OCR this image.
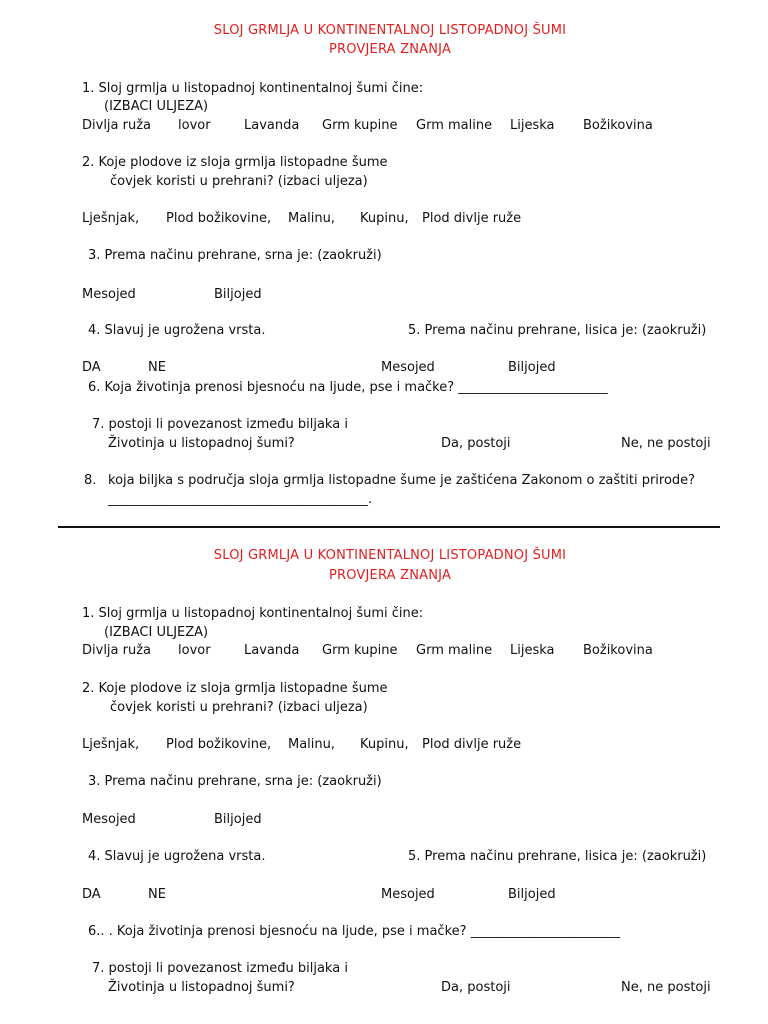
SLOJ GRMLJA U KONTINENTALNOJ LISTOPADNOJ ŠUMI
PROVJERA ZNANJA
1. Sloj grmlja u listopadnoj kontinentalnoj šumi čine:
(IZBACI ULJEZA)
Divlja ruža lovor	Lavanda Grm kupine Grm maline Lijeska Božikovina
2. Koje plodove iz sloja grmlja listopadne šume
čovjek koristi u prehrani? (izbaci uljeza)
Lješnjak, Plod božikovine, Malinu, Kupinu, Plod divlje ruže
3. Prema načinu prehrane, srna je: (zaokruži)
Mesojed	Biljojed
4. Slavuj je ugrožena vrsta.	5. Prema načinu prehrane, lisica je: (zaokruži)
DA	NE	Mesojed	Biljojed
6. Koja životinja prenosi bjesnoću na ljude, pse i mačke? _______________________
7. postoji li povezanost između biljaka i
Životinja u listopadnoj šumi?	Da, postoji	Ne, ne postoji
8. koja biljka s područja sloja grmlja listopadne šume je zaštićena Zakonom o zaštiti prirode?
________________________________________.
SLOJ GRMLJA U KONTINENTALNOJ LISTOPADNOJ ŠUMI
PROVJERA ZNANJA
1. Sloj grmlja u listopadnoj kontinentalnoj šumi čine:
(IZBACI ULJEZA)
Divlja ruža lovor	Lavanda Grm kupine Grm maline Lijeska Božikovina
2. Koje plodove iz sloja grmlja listopadne šume
čovjek koristi u prehrani? (izbaci uljeza)
Lješnjak, Plod božikovine, Malinu, Kupinu, Plod divlje ruže
3. Prema načinu prehrane, srna je: (zaokruži)
Mesojed	Biljojed
4. Slavuj je ugrožena vrsta.	5. Prema načinu prehrane, lisica je: (zaokruži)
DA	NE	Mesojed	Biljojed
6.. . Koja životinja prenosi bjesnoću na ljude, pse i mačke? _______________________
7. postoji li povezanost između biljaka i
Životinja u listopadnoj šumi?	Da, postoji	Ne, ne postoji
